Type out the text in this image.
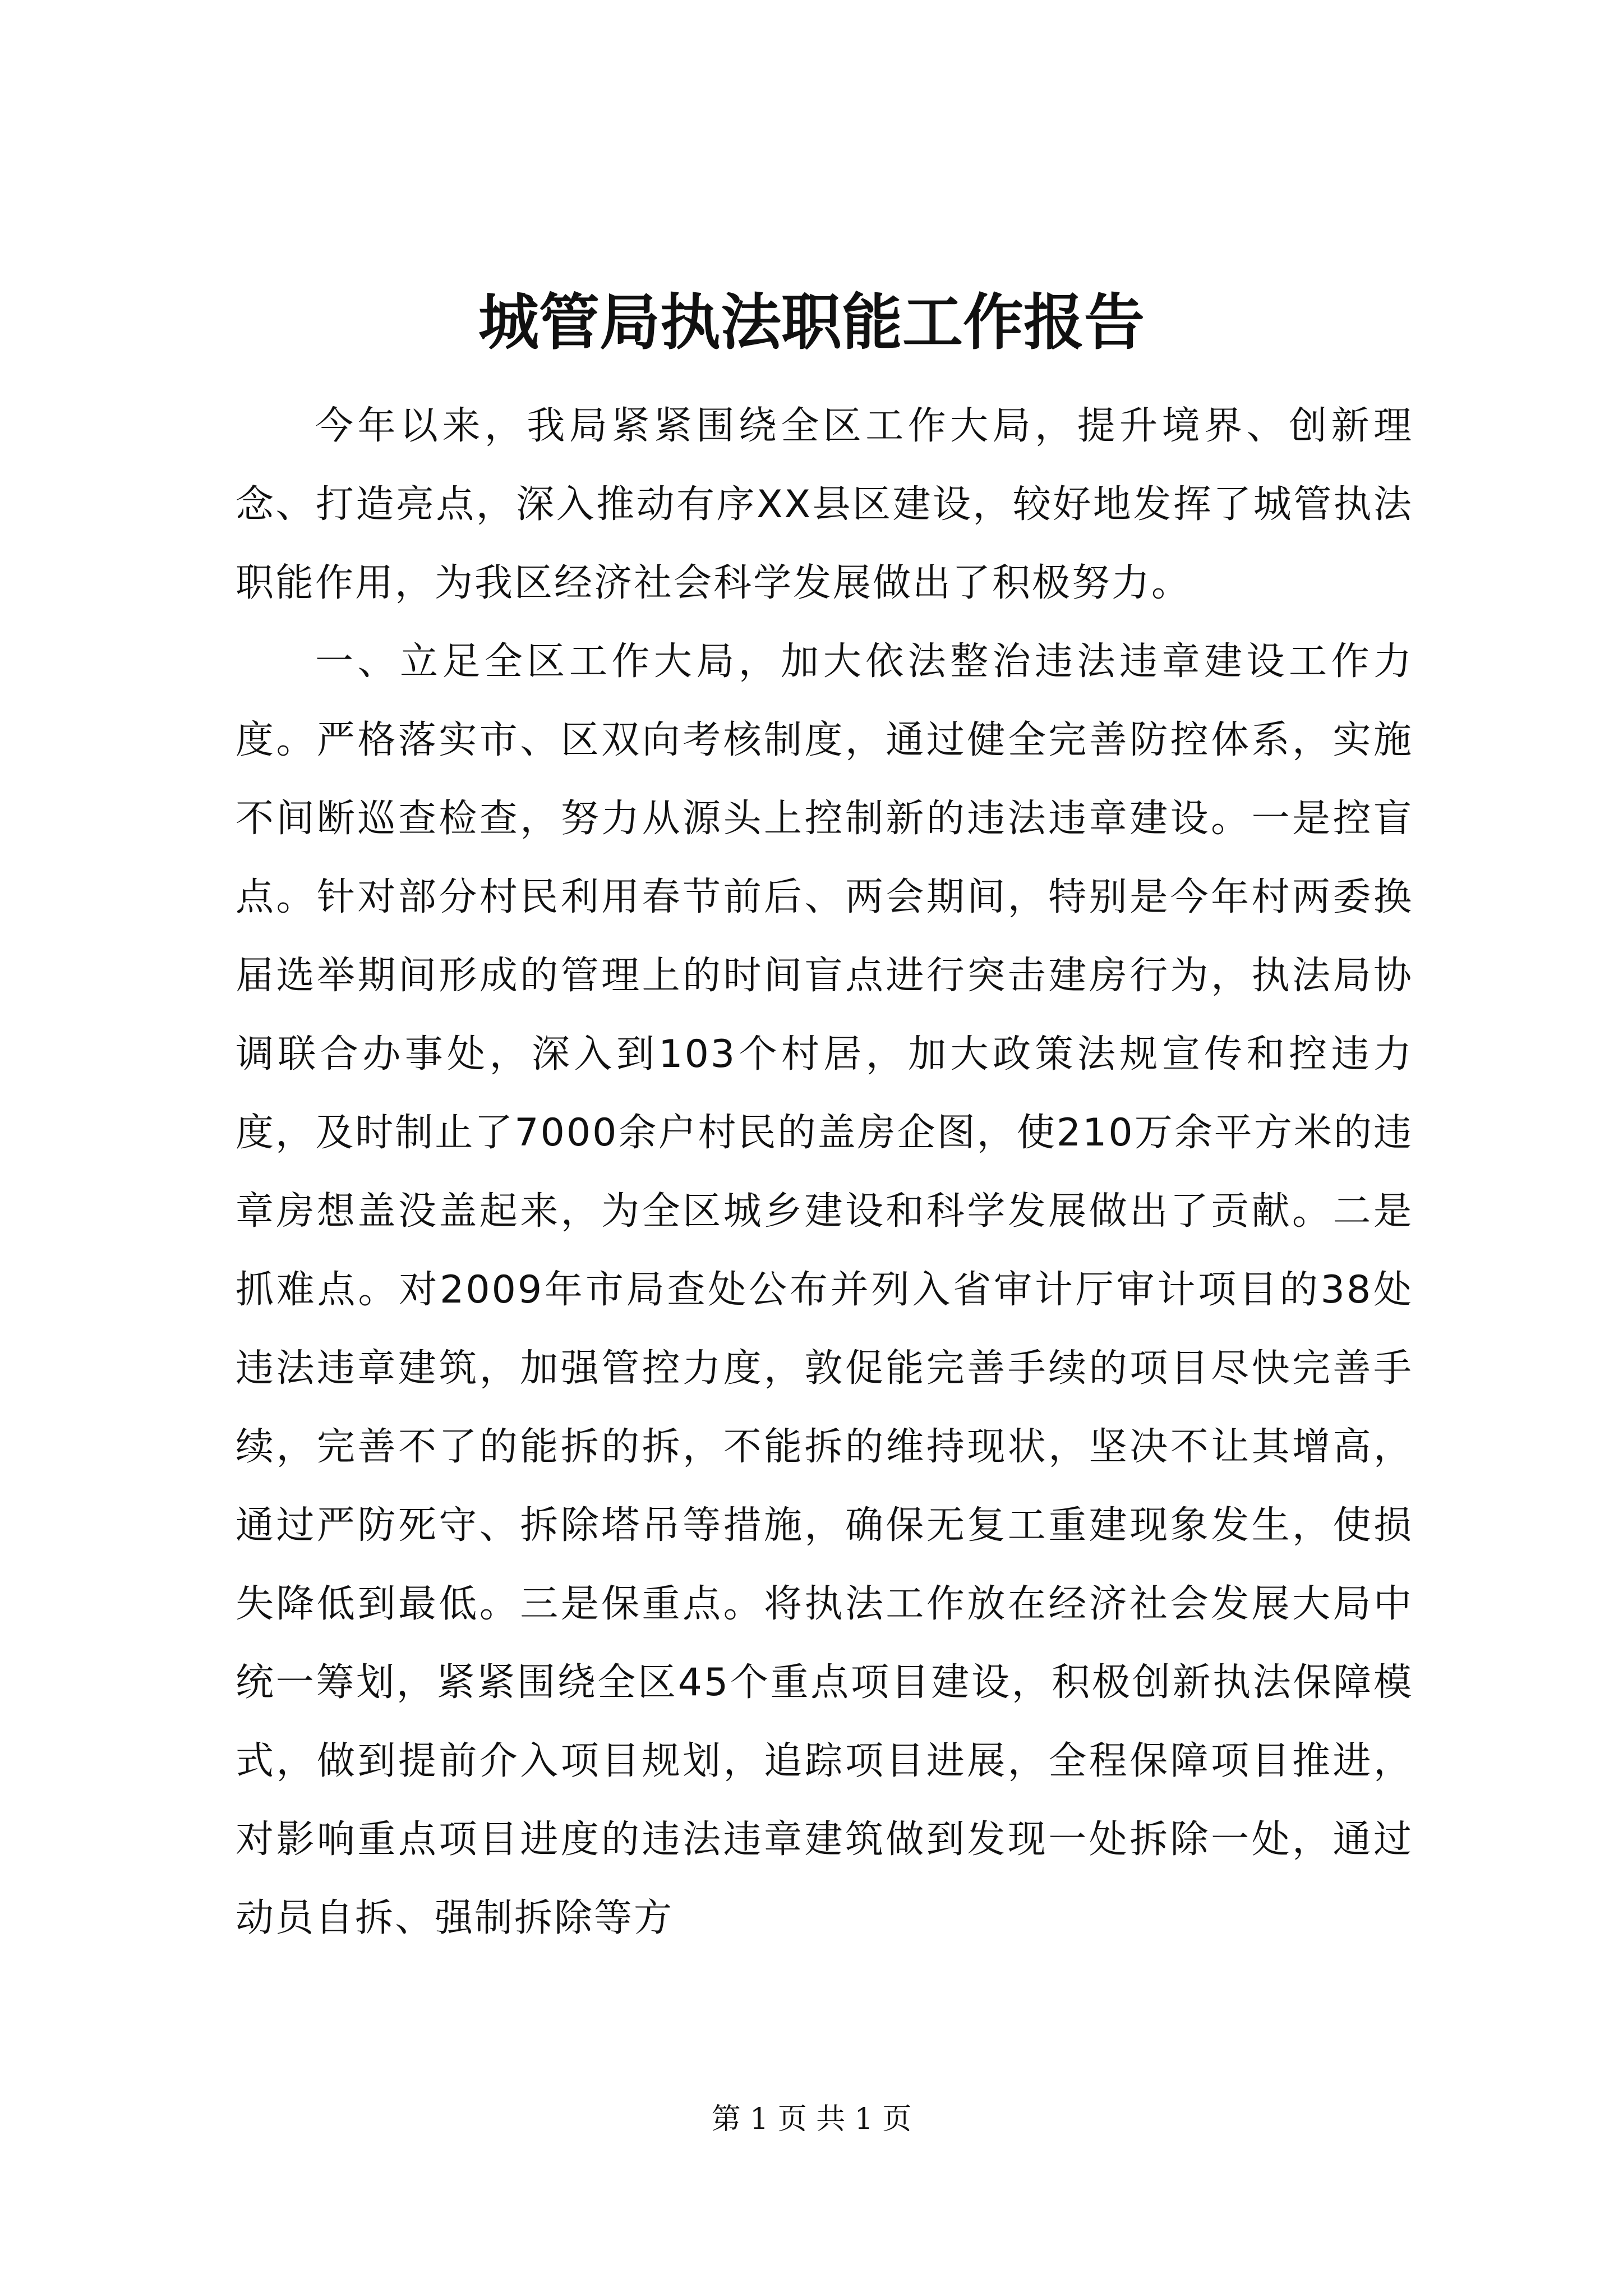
城管局执法职能工作报告

今年以来，我局紧紧围绕全区工作大局，提升境界、创新理念、打造亮点，深入推动有序XX县区建设，较好地发挥了城管执法职能作用，为我区经济社会科学发展做出了积极努力。

一、立足全区工作大局，加大依法整治违法违章建设工作力度。严格落实市、区双向考核制度，通过健全完善防控体系，实施不间断巡查检查，努力从源头上控制新的违法违章建设。一是控盲点。针对部分村民利用春节前后、两会期间，特别是今年村两委换届选举期间形成的管理上的时间盲点进行突击建房行为，执法局协调联合办事处，深入到103个村居，加大政策法规宣传和控违力度，及时制止了7000余户村民的盖房企图，使210万余平方米的违章房想盖没盖起来，为全区城乡建设和科学发展做出了贡献。二是抓难点。对2009年市局查处公布并列入省审计厅审计项目的38处违法违章建筑，加强管控力度，敦促能完善手续的项目尽快完善手续，完善不了的能拆的拆，不能拆的维持现状，坚决不让其增高，通过严防死守、拆除塔吊等措施，确保无复工重建现象发生，使损失降低到最低。三是保重点。将执法工作放在经济社会发展大局中统一筹划，紧紧围绕全区45个重点项目建设，积极创新执法保障模式，做到提前介入项目规划，追踪项目进展，全程保障项目推进，对影响重点项目进度的违法违章建筑做到发现一处拆除一处，通过动员自拆、强制拆除等方

第 1 页 共 1 页
